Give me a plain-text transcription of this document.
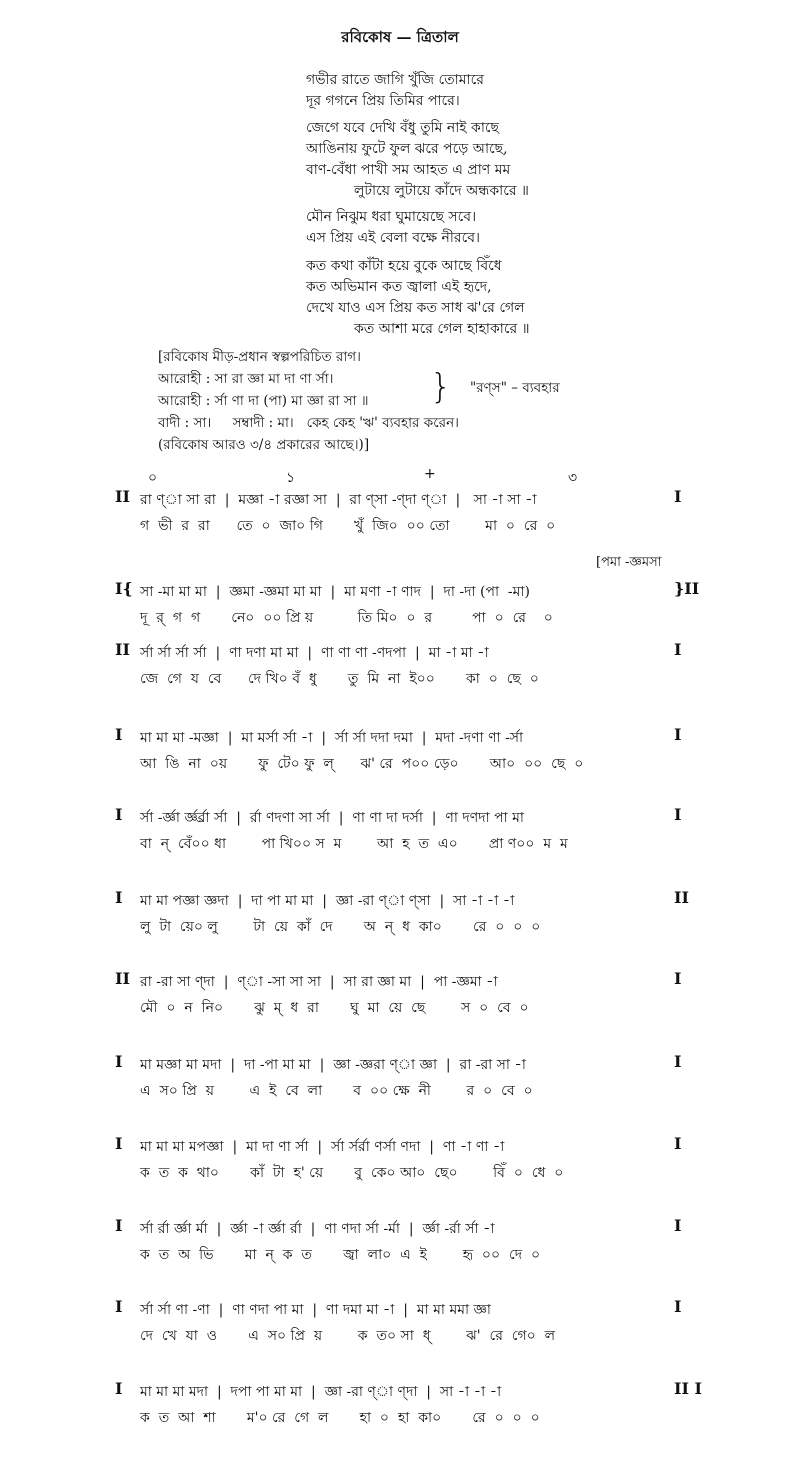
রবিকোষ — ত্রিতাল
গভীর রাতে জাগি খুঁজি তোমারে
দূর গগনে প্রিয় তিমির পারে।
জেগে যবে দেখি বঁধু তুমি নাই কাছে
আঙিনায় ফুটে ফুল ঝরে পড়ে আছে,
বাণ-বেঁধা পাখী সম আহত এ প্রাণ মম
লুটায়ে লুটায়ে কাঁদে অন্ধকারে ॥
মৌন নিঝুম ধরা ঘুমায়েছে সবে।
এস প্রিয় এই বেলা বক্ষে নীরবে।
কত কথা কাঁটা হয়ে বুকে আছে বিঁধে
কত অভিমান কত জ্বালা এই হৃদে,
দেখে যাও এস প্রিয় কত সাধ ঝ'রে গেল
কত আশা মরে গেল হাহাকারে ॥
[রবিকোষ মীড়-প্রধান স্বল্পপরিচিত রাগ।
আরোহী : সা রা জ্ঞা মা দা ণা র্সা।
আরোহী : র্সা ণা দা (পা) মা জ্ঞা রা সা ॥
বাদী : সা।     সম্বাদী : মা।   কেহ কেহ 'ঋ' ব্যবহার করেন।
(রবিকোষ আরও ৩/৪ প্রকারের আছে।)]
} "রণ্‌স" – ব্যবহার
০	১	+	৩
[পমা -জ্ঞমসা
II রা ণ্‌া সা রা  |  মজ্ঞা -া রজ্ঞা সা  |  রা ণ্‌সা -ণ্‌দা ণ্‌া  |   সা -া সা -া
গ  ভী  র  রা      তে  ০  জা০ গি       খুঁ  জি০  ০০ তো        মা  ০  রে  ০
I
I{ সা -মা মা মা  |  জ্ঞমা -জ্ঞমা মা মা  |  মা মণা -া ণাদ  |  দা -দা (পা  -মা)
দূ  র্‌  গ  গ       নে০  ০০ প্রি য়          তি মি০  ০  র         পা  ০  রে    ০
}II
II র্সা র্সা র্সা র্সা  |  ণা দণা মা মা  |  ণা ণা ণা -ণদপা  |  মা -া মা -া
জে  গে  য  বে      দে খি০ বঁ  ধু       তু  মি  না  ই০০       কা  ০  ছে  ০
I
I মা মা মা -মজ্ঞা  |  মা মর্সা র্সা -া  |  র্সা র্সা দদা দমা  |  মদা -দণা ণা -র্সা
আ  ঙি  না  ০য়       ফু  টে০ ফু  ল্‌      ঝ' রে  প০০ ড়ে০       আ০  ০০  ছে  ০
I
I র্সা -র্জ্ঞা র্জ্ঞর্র্রা র্সা  |  র্রা ণদণা সা র্সা  |  ণা ণা দা দর্সা  |  ণা দণদা পা মা
বা  ন্‌  বেঁ০০ ধা        পা খি০০ স  ম        আ  হ  ত  এ০       প্রা ণ০০  ম  ম
I
I মা মা পজ্ঞা জ্ঞদা  |  দা পা মা মা  |  জ্ঞা -রা ণ্‌া ণ্‌সা  |  সা -া -া -া
লু  টা  য়ে০ লু        টা  য়ে  কাঁ  দে       অ  ন্‌  ধ  কা০       রে  ০  ০  ০
II
II রা -রা সা ণ্‌দা  |  ণ্‌া -সা সা সা  |  সা রা জ্ঞা মা  |  পা -জ্ঞমা -া
মৌ  ০  ন  নি০       ঝু  ম্‌  ধ  রা       ঘু  মা  য়ে  ছে        স  ০  বে  ০
I
I মা মজ্ঞা মা মদা  |  দা -পা মা মা  |  জ্ঞা -জ্ঞরা ণ্‌া জ্ঞা  |  রা -রা সা -া
এ  স০ প্রি  য়        এ  ই  বে  লা       ব  ০০ ক্ষে  নী        র  ০  বে  ০
I
I মা মা মা মপজ্ঞা  |  মা দা ণা র্সা  |  র্সা র্সর্রা ণর্সা ণদা  |  ণা -া ণা -া
ক  ত  ক  থা০       কাঁ  টা  হ' য়ে       বু  কে০ আ০  ছে০        বিঁ  ০  ধে  ০
I
I র্সা র্রা র্জ্ঞা র্মা  |  র্জ্ঞা -া র্জ্ঞা র্রা  |  ণা ণদা র্সা -র্মা  |  র্জ্ঞা -র্রা র্সা -া
ক  ত  অ  ভি       মা  ন্‌  ক  ত       জ্বা  লা০  এ  ই        হৃ  ০০  দে  ০
I
I র্সা র্সা ণা -ণা  |  ণা ণদা পা মা  |  ণা দমা মা -া  |  মা মা মমা জ্ঞা
দে  খে  যা  ও       এ  স০ প্রি  য়        ক  ত০ সা  ধ্‌        ঝ'  রে  গে০  ল
I
I মা মা মা মদা  |  দপা পা মা মা  |  জ্ঞা -রা ণ্‌া ণ্‌দা  |  সা -া -া -া
ক  ত  আ  শা       ম'০ রে  গে  ল       হা  ০  হা  কা০       রে  ০  ০  ০
II I
